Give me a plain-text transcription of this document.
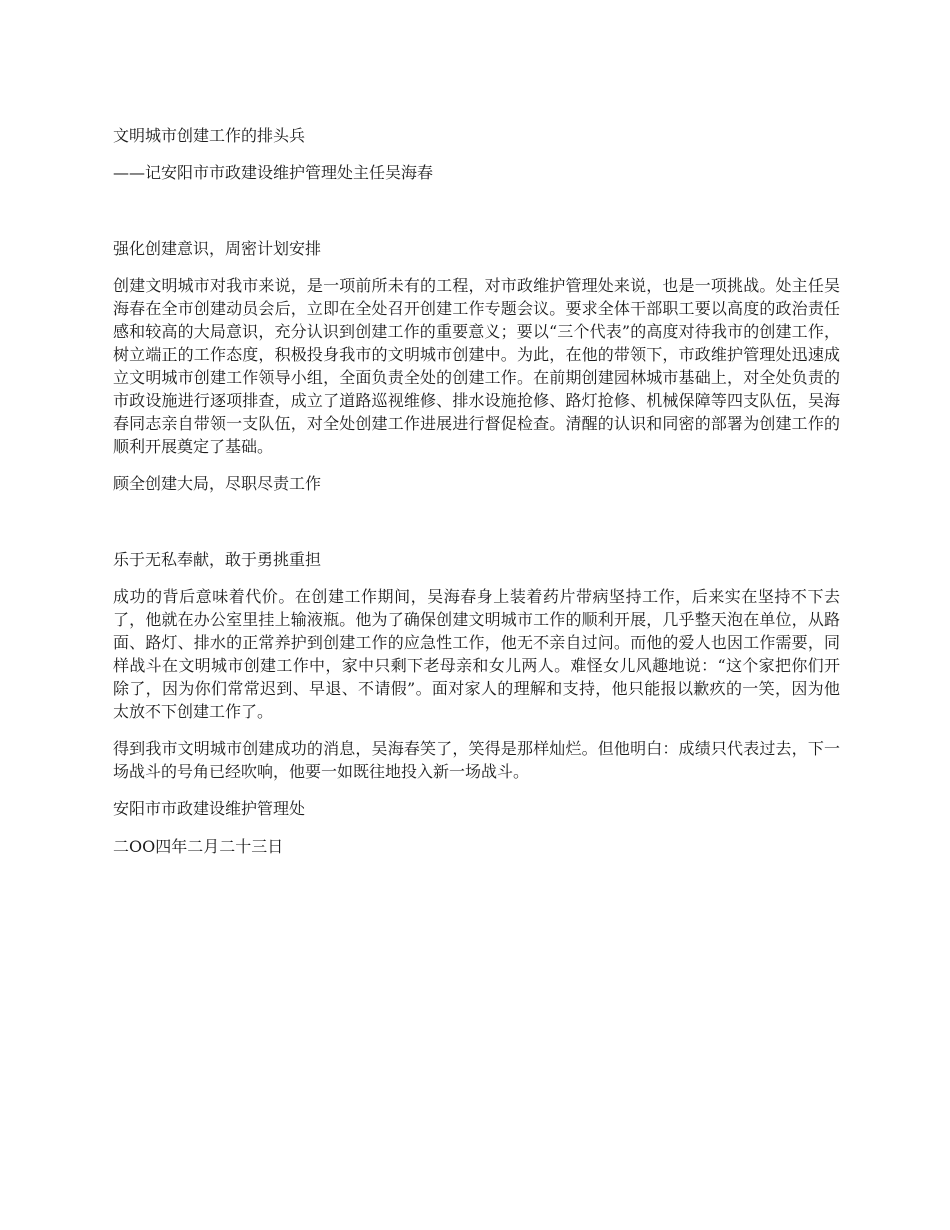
文明城市创建工作的排头兵

——记安阳市市政建设维护管理处主任吴海春

强化创建意识，周密计划安排

创建文明城市对我市来说，是一项前所未有的工程，对市政维护管理处来说，也是一项挑战。处主任吴海春在全市创建动员会后，立即在全处召开创建工作专题会议。要求全体干部职工要以高度的政治责任感和较高的大局意识，充分认识到创建工作的重要意义；要以“三个代表”的高度对待我市的创建工作，树立端正的工作态度，积极投身我市的文明城市创建中。为此，在他的带领下，市政维护管理处迅速成立文明城市创建工作领导小组，全面负责全处的创建工作。在前期创建园林城市基础上，对全处负责的市政设施进行逐项排查，成立了道路巡视维修、排水设施抢修、路灯抢修、机械保障等四支队伍，吴海春同志亲自带领一支队伍，对全处创建工作进展进行督促检查。清醒的认识和同密的部署为创建工作的顺利开展奠定了基础。

顾全创建大局，尽职尽责工作

乐于无私奉献，敢于勇挑重担

成功的背后意味着代价。在创建工作期间，吴海春身上装着药片带病坚持工作，后来实在坚持不下去了，他就在办公室里挂上输液瓶。他为了确保创建文明城市工作的顺利开展，几乎整天泡在单位，从路面、路灯、排水的正常养护到创建工作的应急性工作，他无不亲自过问。而他的爱人也因工作需要，同样战斗在文明城市创建工作中，家中只剩下老母亲和女儿两人。难怪女儿风趣地说：“这个家把你们开除了，因为你们常常迟到、早退、不请假”。面对家人的理解和支持，他只能报以歉疚的一笑，因为他太放不下创建工作了。

得到我市文明城市创建成功的消息，吴海春笑了，笑得是那样灿烂。但他明白：成绩只代表过去，下一场战斗的号角已经吹响，他要一如既往地投入新一场战斗。

安阳市市政建设维护管理处

二OO四年二月二十三日
